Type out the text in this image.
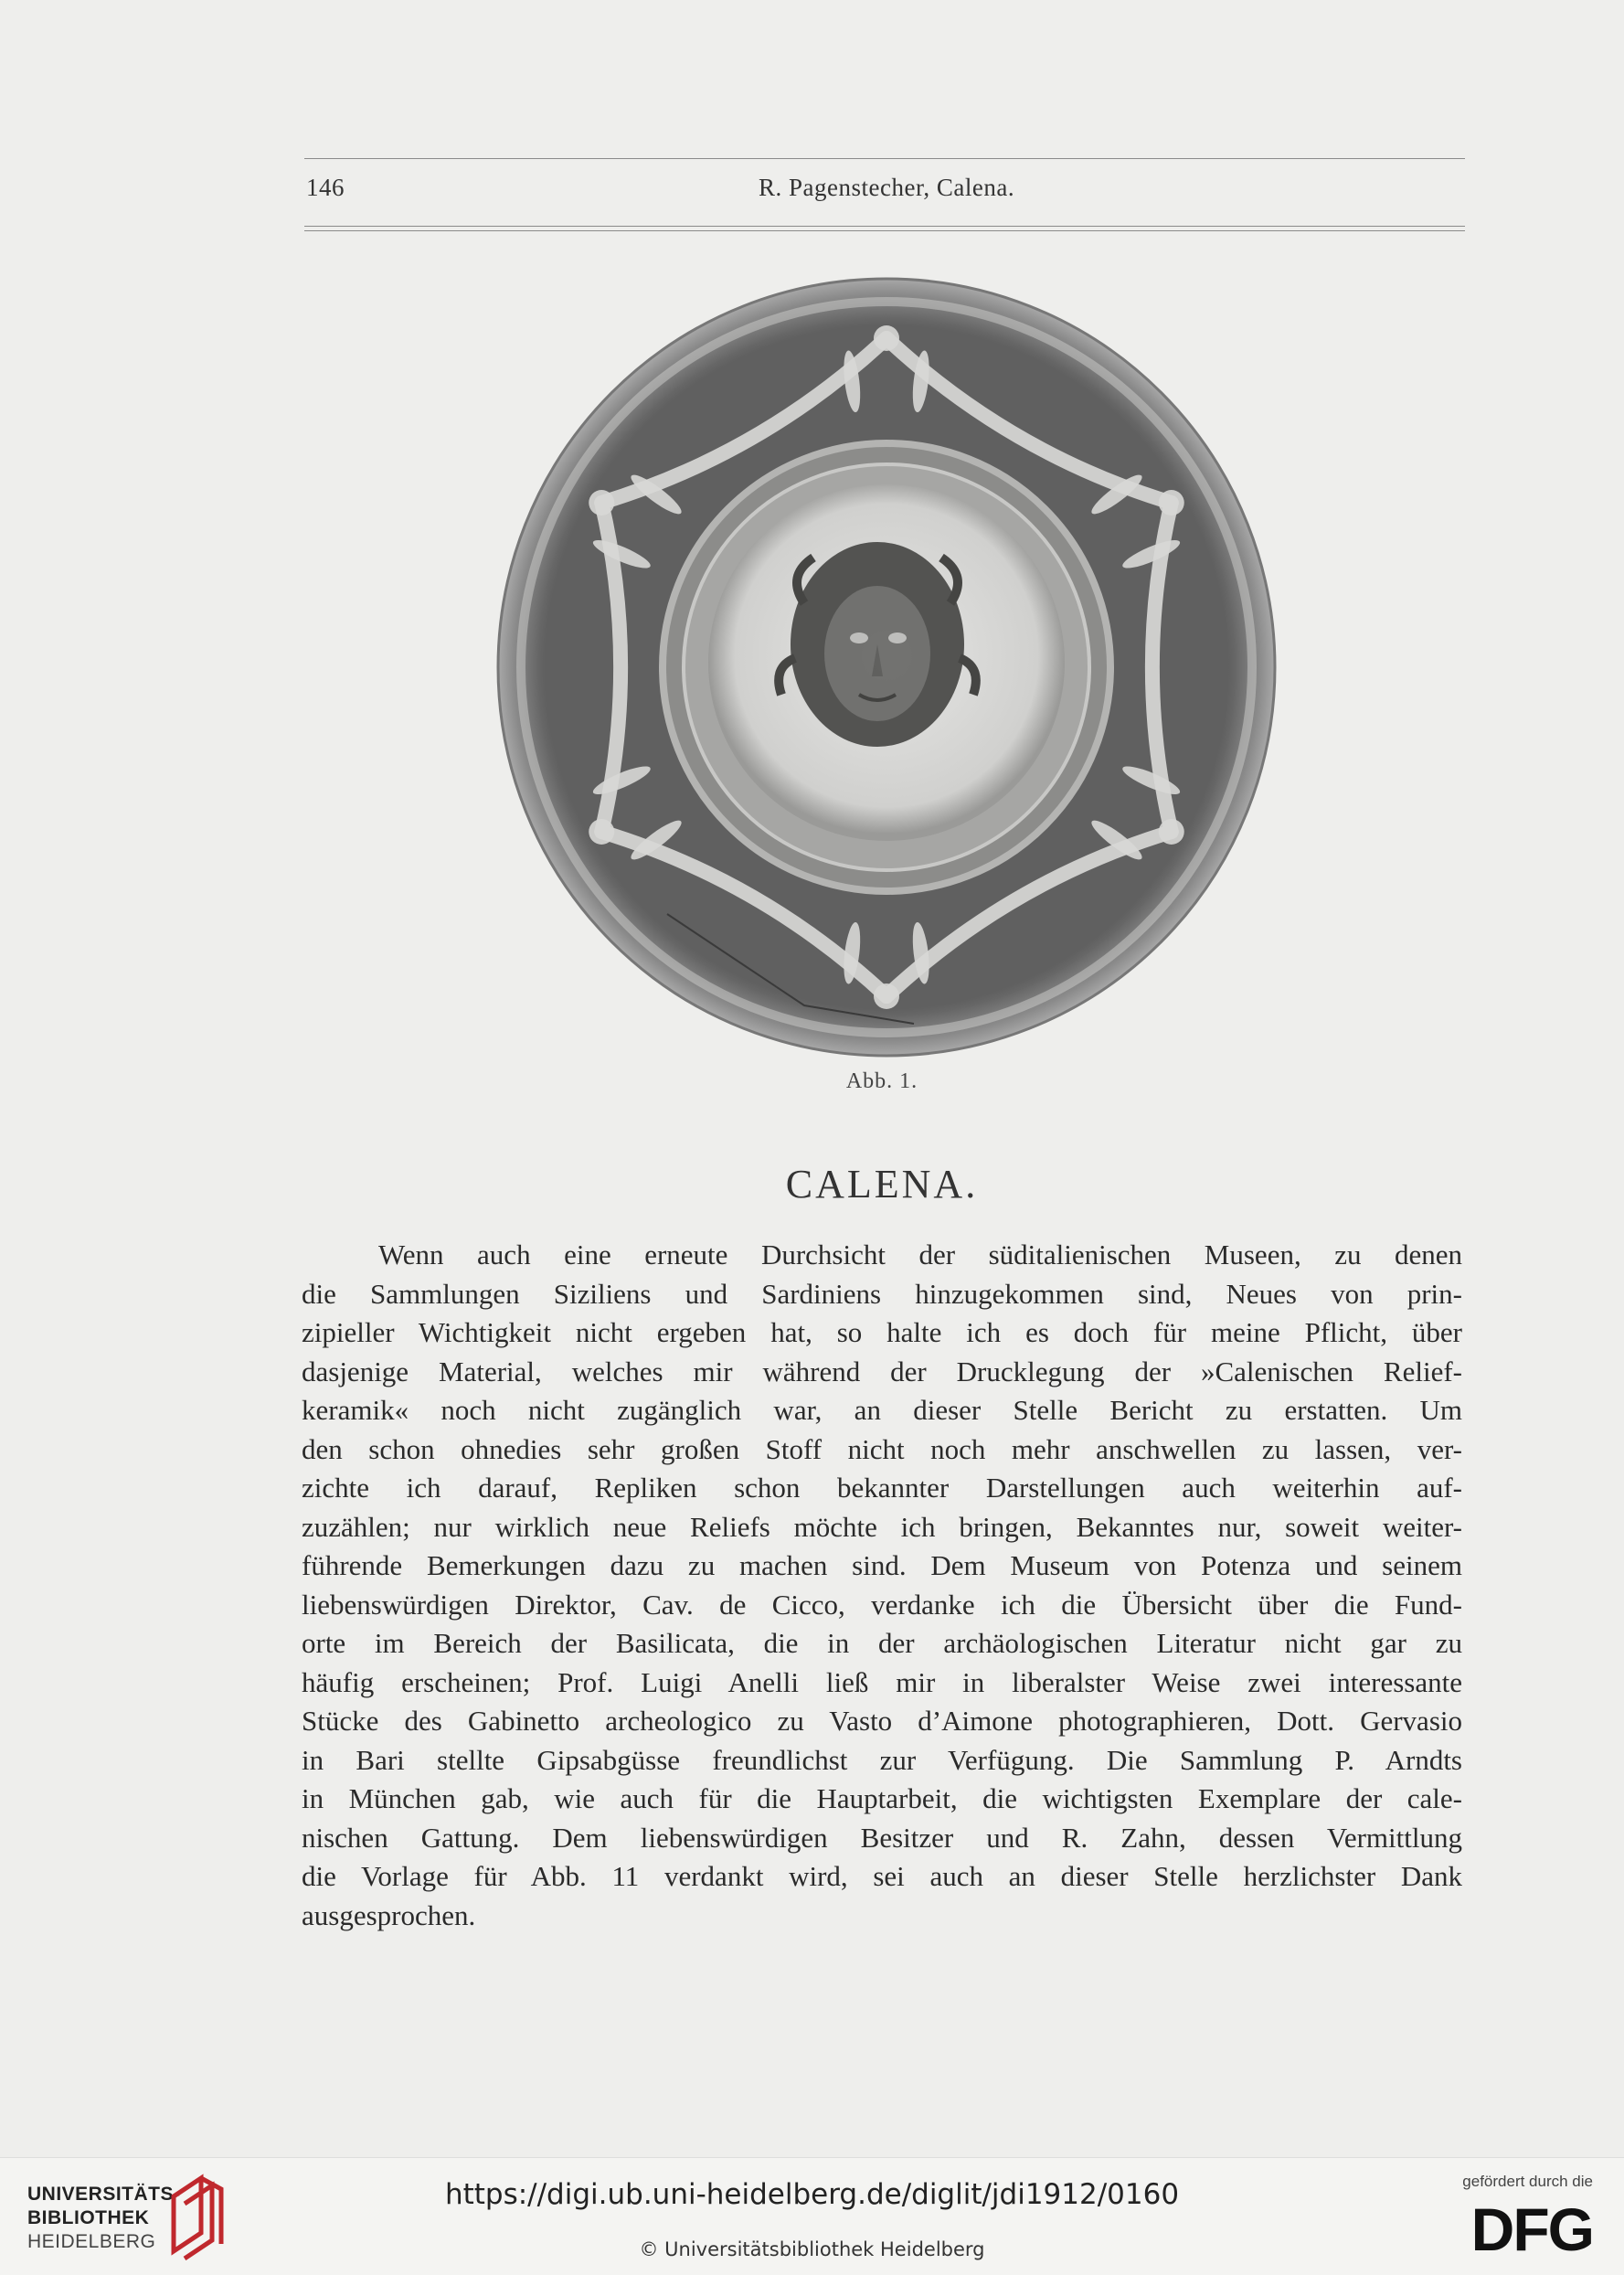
146	R. Pagenstecher, Calena.
Abb. 1.
CALENA.
Wenn auch eine erneute Durchsicht der süditalienischen Museen, zu denen
die Sammlungen Siziliens und Sardiniens hinzugekommen sind, Neues von prin-
zipieller Wichtigkeit nicht ergeben hat, so halte ich es doch für meine Pflicht, über
dasjenige Material, welches mir während der Drucklegung der »Calenischen Relief-
keramik« noch nicht zugänglich war, an dieser Stelle Bericht zu erstatten. Um
den schon ohnedies sehr großen Stoff nicht noch mehr anschwellen zu lassen, ver-
zichte ich darauf, Repliken schon bekannter Darstellungen auch weiterhin auf-
zuzählen; nur wirklich neue Reliefs möchte ich bringen, Bekanntes nur, soweit weiter-
führende Bemerkungen dazu zu machen sind. Dem Museum von Potenza und seinem
liebenswürdigen Direktor, Cav. de Cicco, verdanke ich die Übersicht über die Fund-
orte im Bereich der Basilicata, die in der archäologischen Literatur nicht gar zu
häufig erscheinen; Prof. Luigi Anelli ließ mir in liberalster Weise zwei interessante
Stücke des Gabinetto archeologico zu Vasto d’Aimone photographieren, Dott. Gervasio
in Bari stellte Gipsabgüsse freundlichst zur Verfügung. Die Sammlung P. Arndts
in München gab, wie auch für die Hauptarbeit, die wichtigsten Exemplare der cale-
nischen Gattung. Dem liebenswürdigen Besitzer und R. Zahn, dessen Vermittlung
die Vorlage für Abb. 11 verdankt wird, sei auch an dieser Stelle herzlichster Dank
ausgesprochen.
UNIVERSITÄTS-
BIBLIOTHEK
HEIDELBERG
https://digi.ub.uni-heidelberg.de/diglit/jdi1912/0160
© Universitätsbibliothek Heidelberg
gefördert durch die
DFG
